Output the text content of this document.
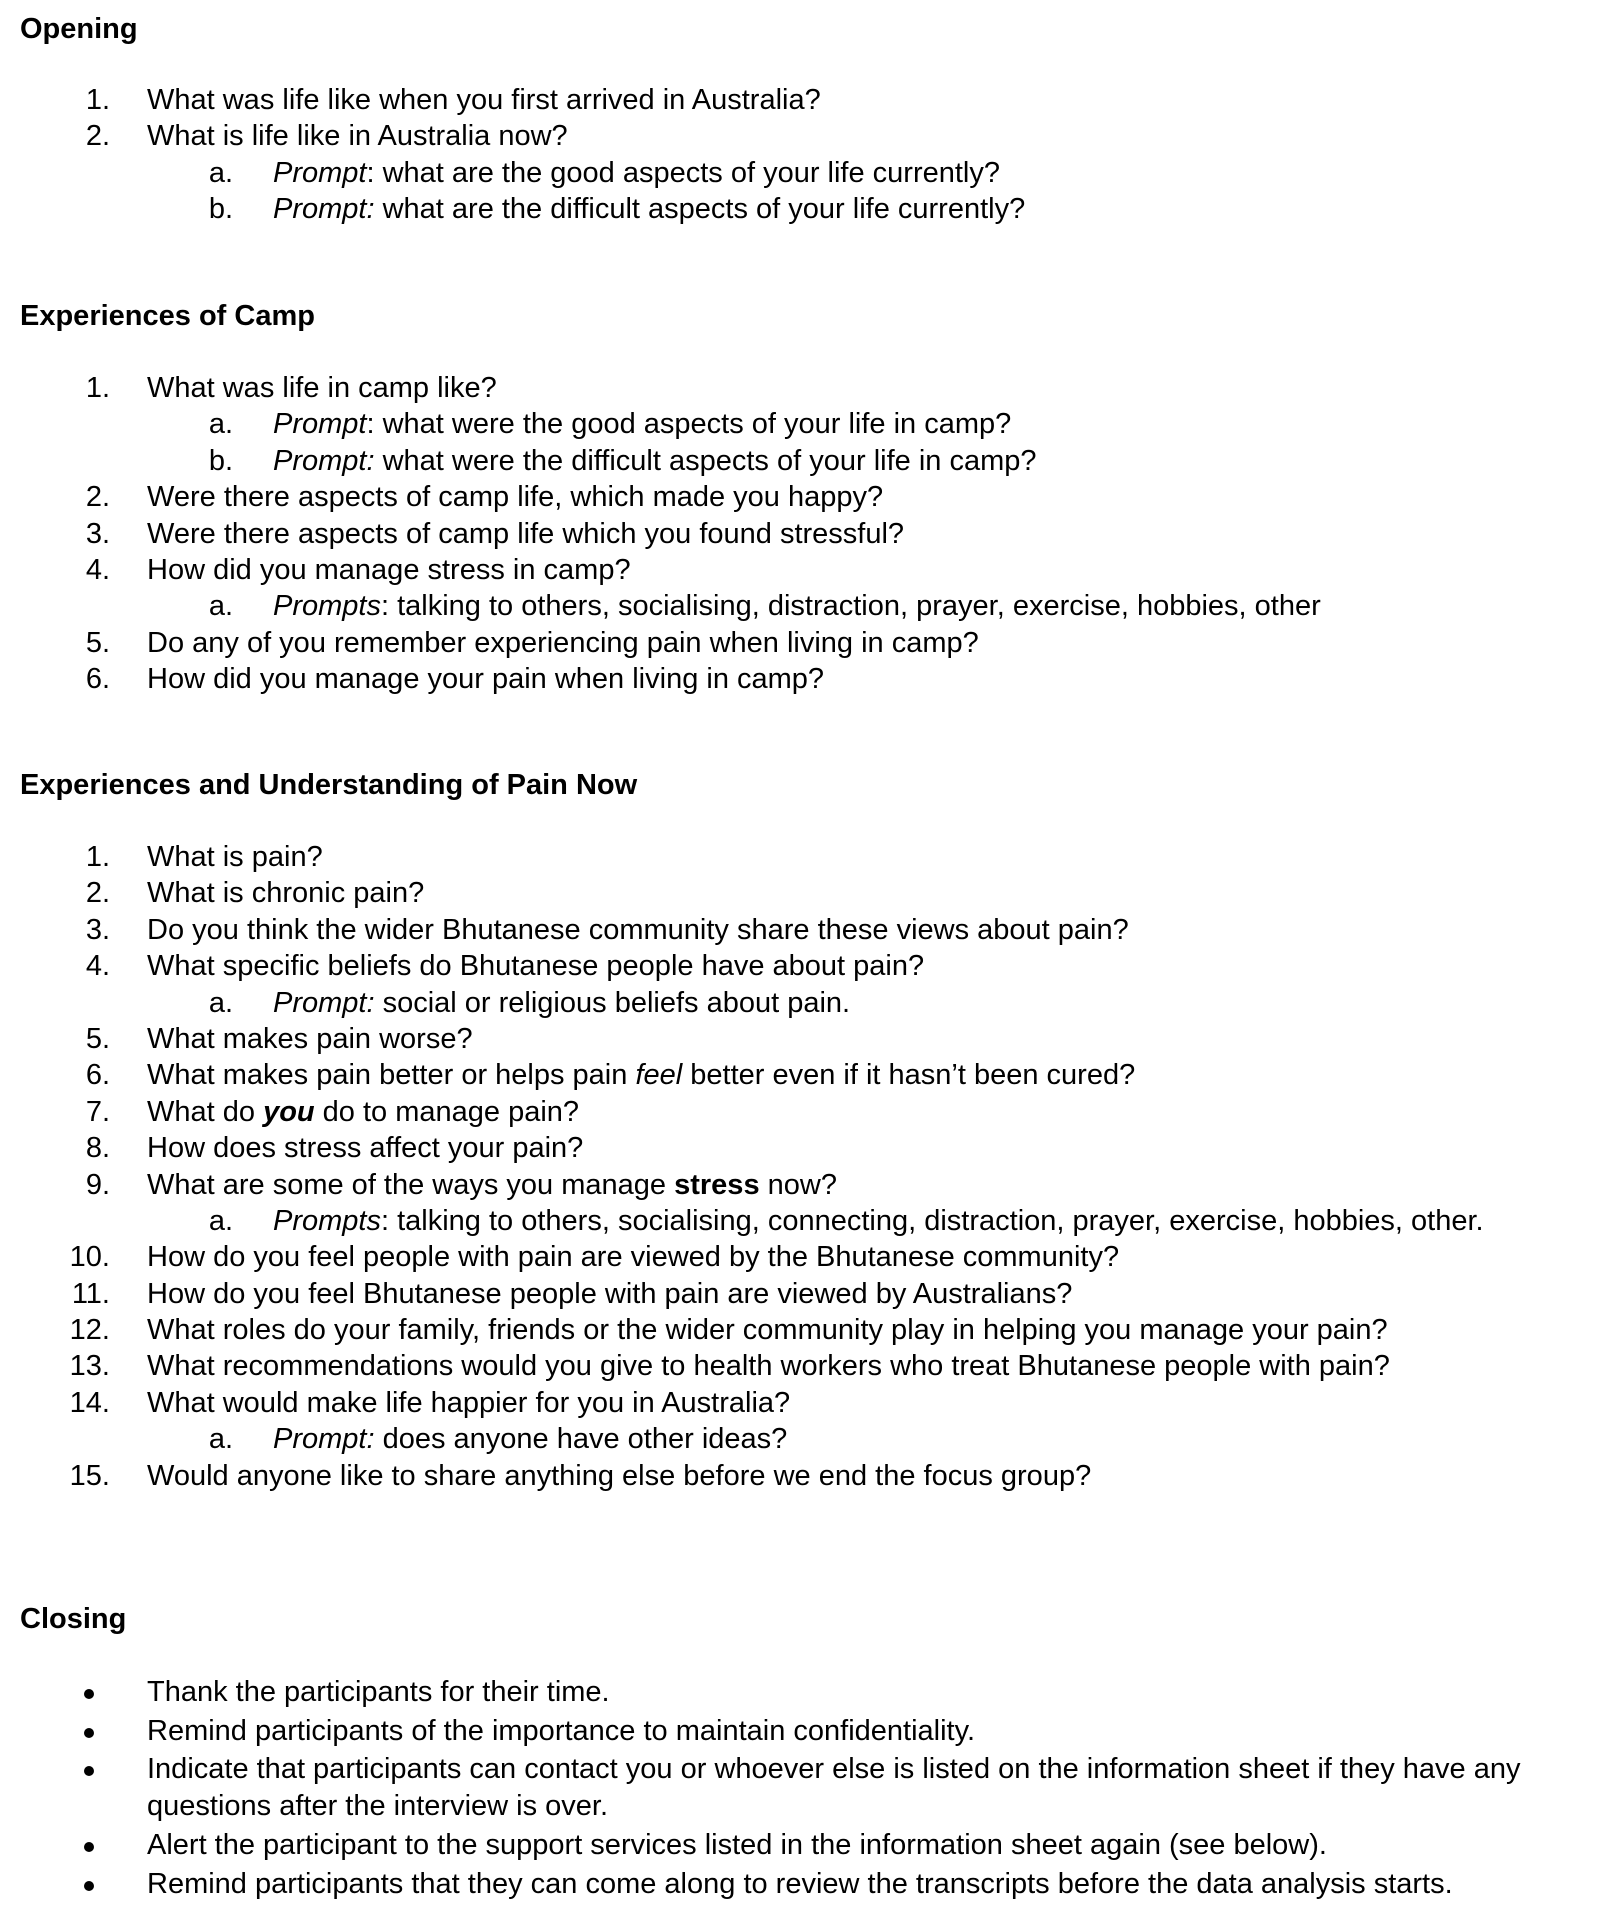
Opening
1. What was life like when you first arrived in Australia?
2. What is life like in Australia now?
a. Prompt: what are the good aspects of your life currently?
b. Prompt: what are the difficult aspects of your life currently?
Experiences of Camp
1. What was life in camp like?
a. Prompt: what were the good aspects of your life in camp?
b. Prompt: what were the difficult aspects of your life in camp?
2. Were there aspects of camp life, which made you happy?
3. Were there aspects of camp life which you found stressful?
4. How did you manage stress in camp?
a. Prompts: talking to others, socialising, distraction, prayer, exercise, hobbies, other
5. Do any of you remember experiencing pain when living in camp?
6. How did you manage your pain when living in camp?
Experiences and Understanding of Pain Now
1. What is pain?
2. What is chronic pain?
3. Do you think the wider Bhutanese community share these views about pain?
4. What specific beliefs do Bhutanese people have about pain?
a. Prompt: social or religious beliefs about pain.
5. What makes pain worse?
6. What makes pain better or helps pain feel better even if it hasn’t been cured?
7. What do you do to manage pain?
8. How does stress affect your pain?
9. What are some of the ways you manage stress now?
a. Prompts: talking to others, socialising, connecting, distraction, prayer, exercise, hobbies, other.
10. How do you feel people with pain are viewed by the Bhutanese community?
11. How do you feel Bhutanese people with pain are viewed by Australians?
12. What roles do your family, friends or the wider community play in helping you manage your pain?
13. What recommendations would you give to health workers who treat Bhutanese people with pain?
14. What would make life happier for you in Australia?
a. Prompt: does anyone have other ideas?
15. Would anyone like to share anything else before we end the focus group?
Closing
Thank the participants for their time.
Remind participants of the importance to maintain confidentiality.
Indicate that participants can contact you or whoever else is listed on the information sheet if they have any questions after the interview is over.
Alert the participant to the support services listed in the information sheet again (see below).
Remind participants that they can come along to review the transcripts before the data analysis starts.
